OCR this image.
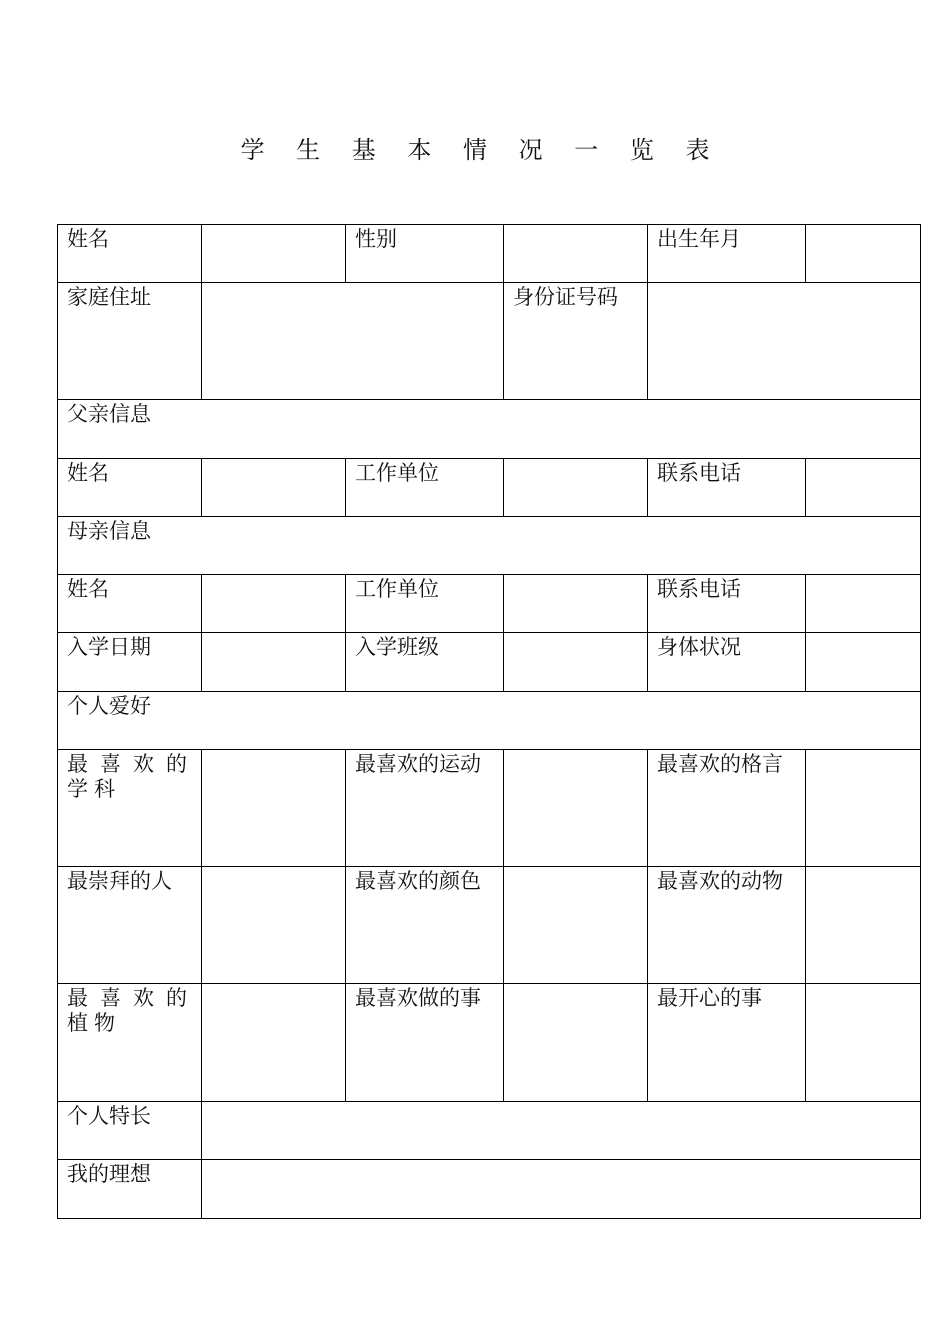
学 生 基 本 情 况 一 览 表
姓名		性别		出生年月	
家庭住址			身份证号码		
父亲信息					
姓名		工作单位		联系电话	
母亲信息					
姓名		工作单位		联系电话	
入学日期		入学班级		身体状况	
个人爱好					
最喜欢的学科		最喜欢的运动		最喜欢的格言	
最崇拜的人		最喜欢的颜色		最喜欢的动物	
最喜欢的植物		最喜欢做的事		最开心的事	
个人特长					
我的理想					
